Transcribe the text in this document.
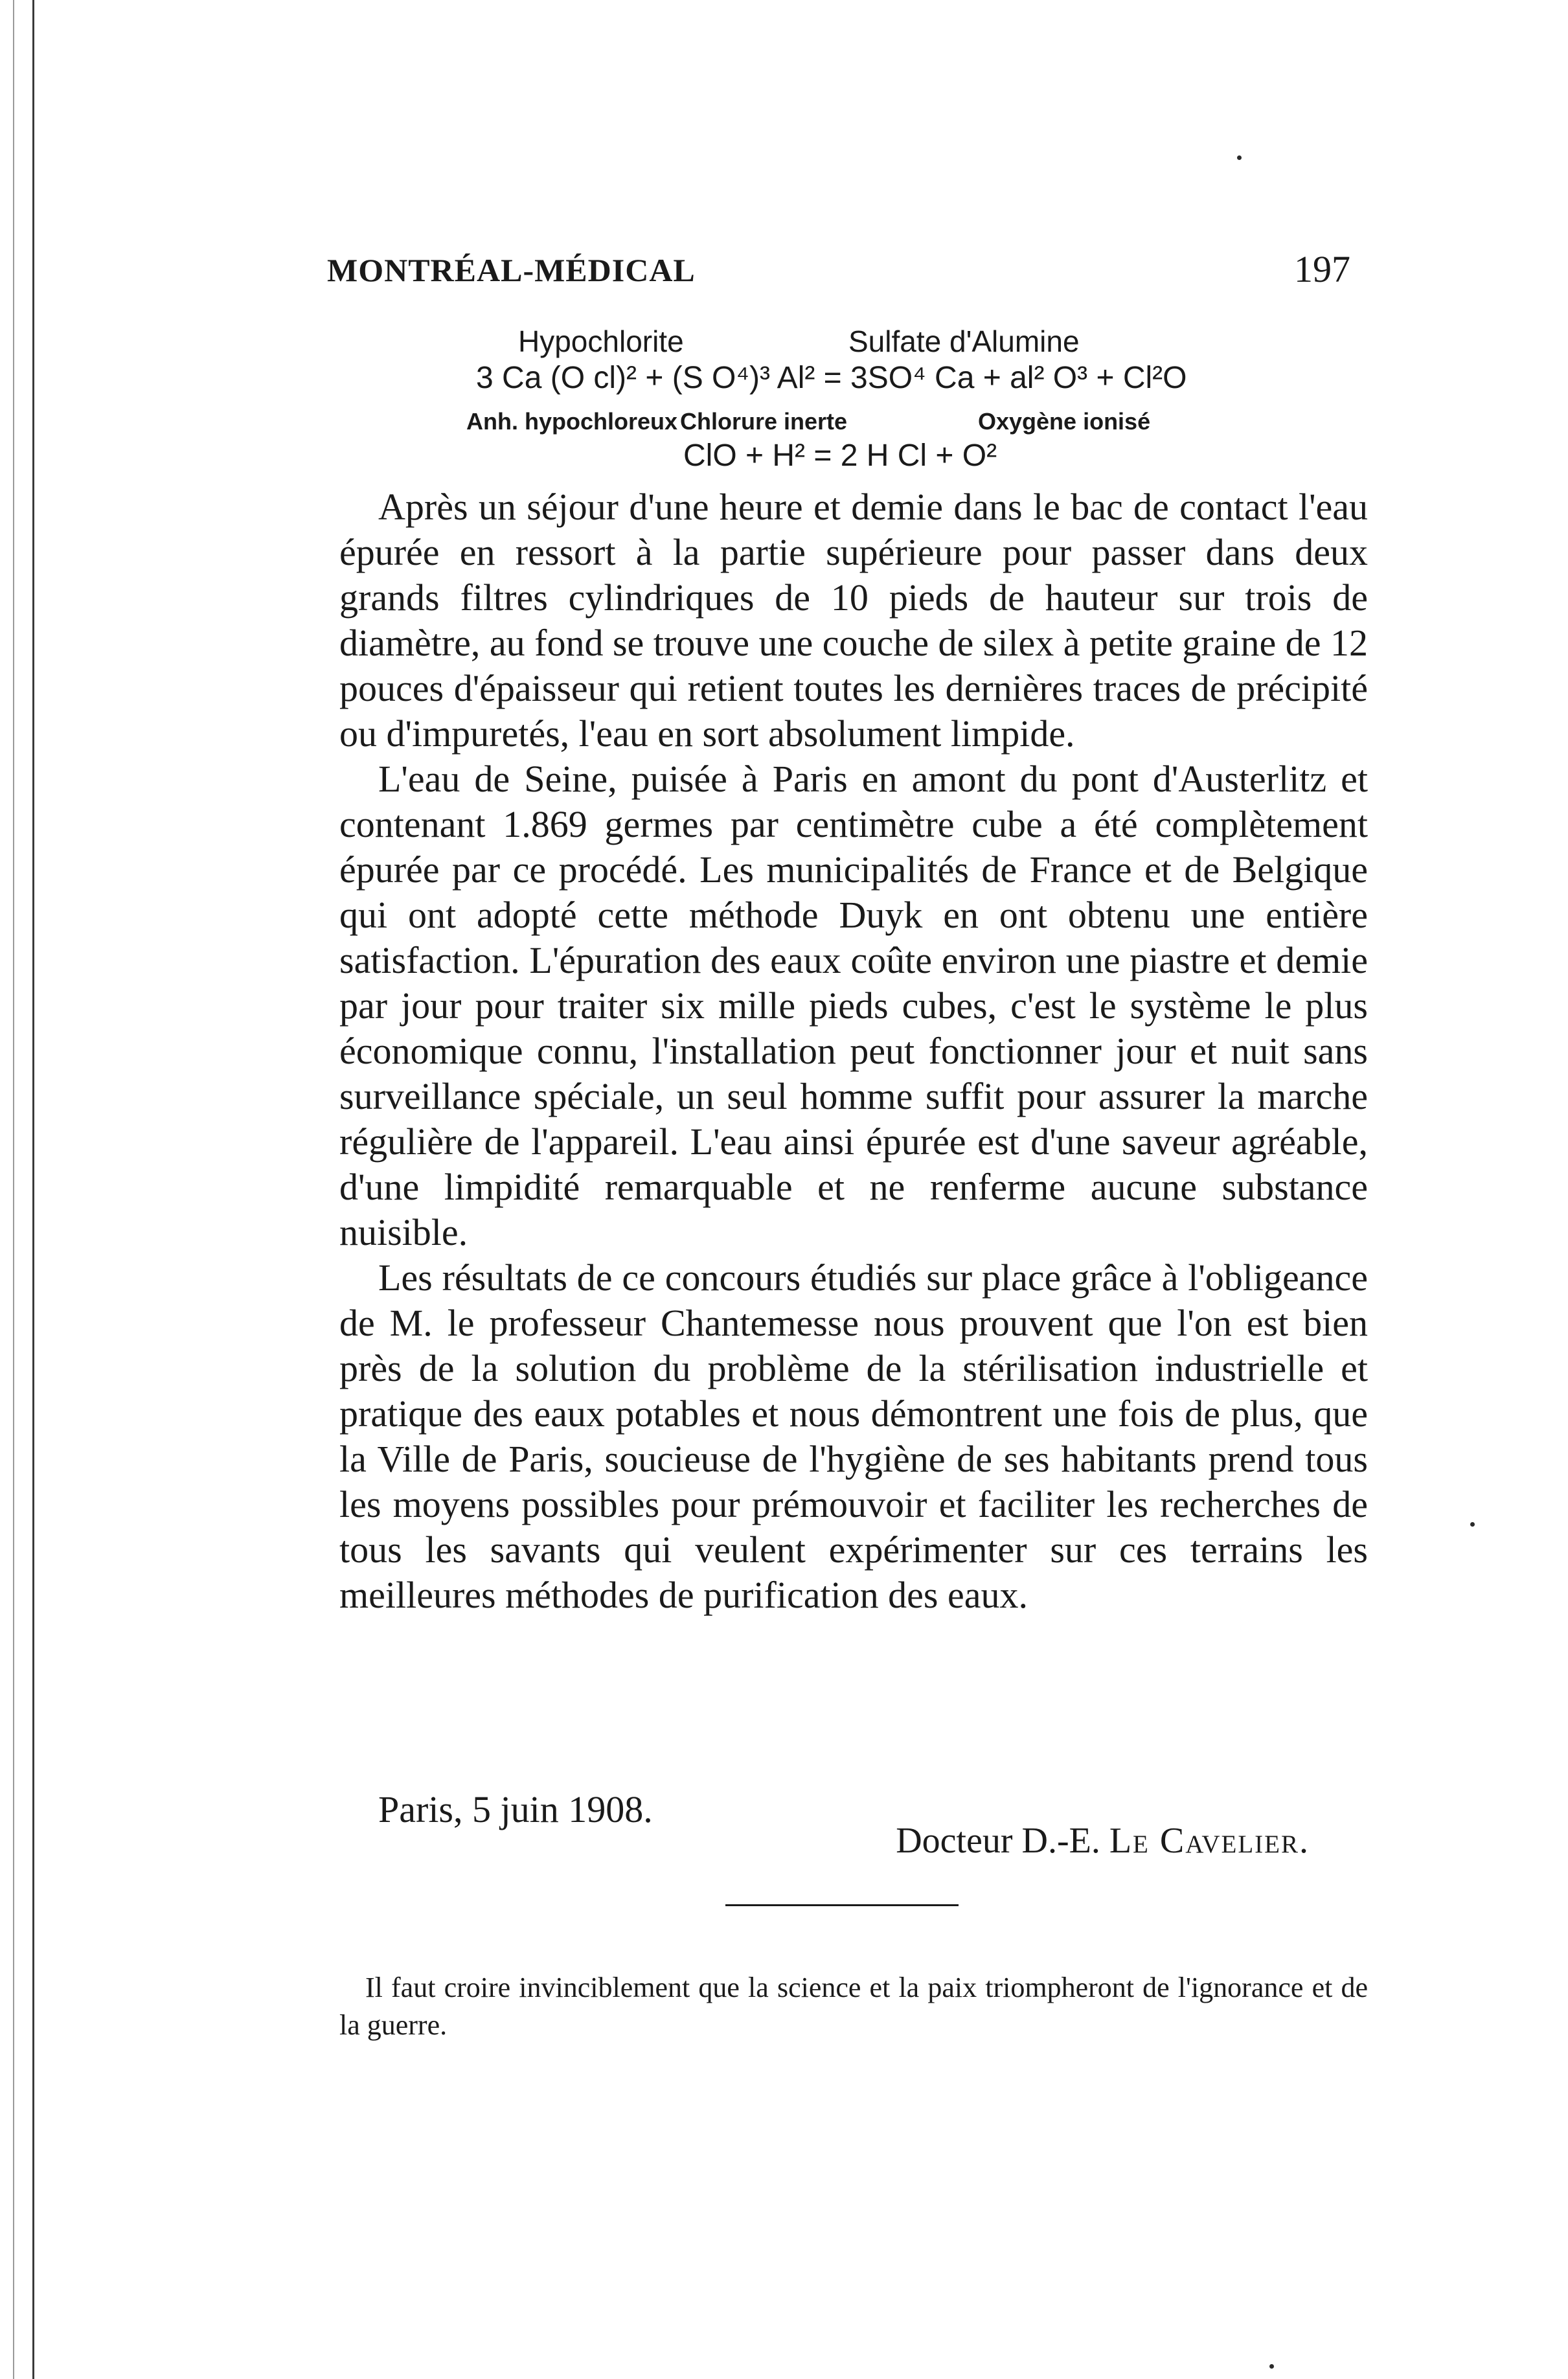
MONTRÉAL-MÉDICAL	197
Hypochlorite	Sulfate d'Alumine
3 Ca (O cl)² + (S O⁴)³ Al² = 3SO⁴ Ca + al² O³ + Cl²O
Anh. hypochloreux Chlorure inerte	Oxygène ionisé
ClO + H² = 2 H Cl + O²

Après un séjour d'une heure et demie dans le bac de contact l'eau épurée en ressort à la partie supérieure pour passer dans deux grands filtres cylindriques de 10 pieds de hauteur sur trois de diamètre, au fond se trouve une couche de silex à petite graine de 12 pouces d'épaisseur qui retient toutes les dernières traces de précipité ou d'impuretés, l'eau en sort absolument limpide.

L'eau de Seine, puisée à Paris en amont du pont d'Austerlitz et contenant 1.869 germes par centimètre cube a été complètement épurée par ce procédé. Les municipalités de France et de Belgique qui ont adopté cette méthode Duyk en ont obtenu une entière satisfaction. L'épuration des eaux coûte environ une piastre et demie par jour pour traiter six mille pieds cubes, c'est le système le plus économique connu, l'installation peut fonctionner jour et nuit sans surveillance spéciale, un seul homme suffit pour assurer la marche régulière de l'appareil. L'eau ainsi épurée est d'une saveur agréable, d'une limpidité remarquable et ne renferme aucune substance nuisible.

Les résultats de ce concours étudiés sur place grâce à l'obligeance de M. le professeur Chantemesse nous prouvent que l'on est bien près de la solution du problème de la stérilisation industrielle et pratique des eaux potables et nous démontrent une fois de plus, que la Ville de Paris, soucieuse de l'hygiène de ses habitants prend tous les moyens possibles pour prémouvoir et faciliter les recherches de tous les savants qui veulent expérimenter sur ces terrains les meilleures méthodes de purification des eaux.

Paris, 5 juin 1908.
Docteur D.-E. Le Cavelier.
Il faut croire invinciblement que la science et la paix triompheront de l'ignorance et de la guerre.
